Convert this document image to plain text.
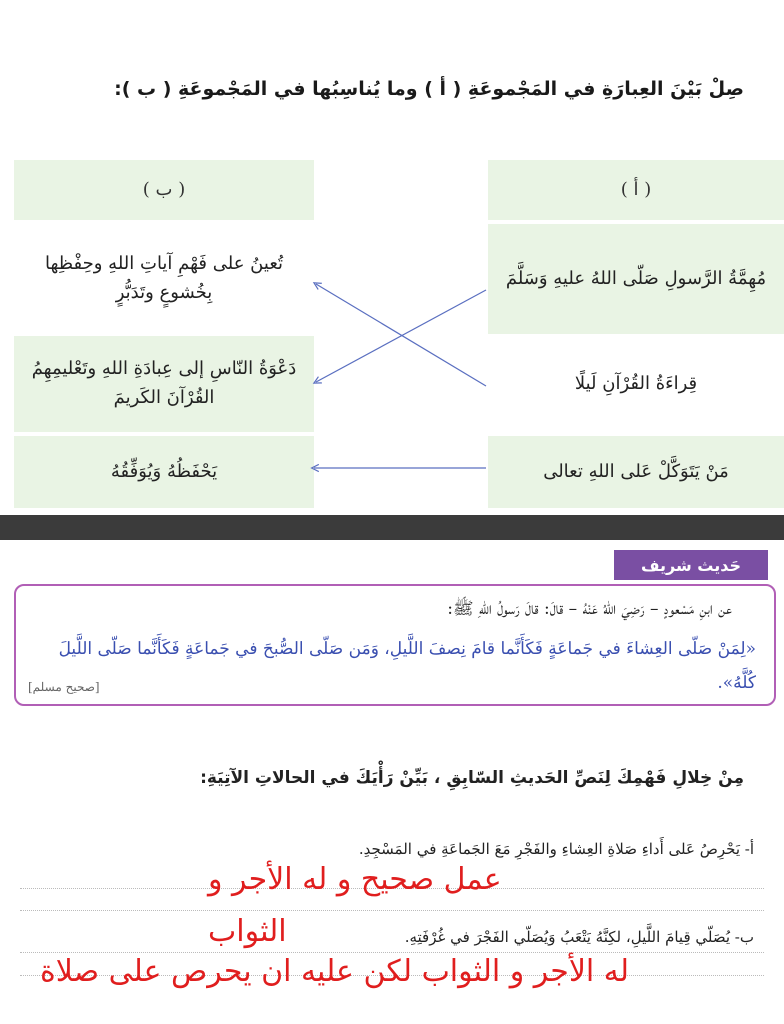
صِلْ بَيْنَ العِبارَةِ في المَجْموعَةِ ( أ ) وما يُناسِبُها في المَجْموعَةِ ( ب ):
( ب )
تُعينُ على فَهْمِ آياتِ اللهِ وحِفْظِها بِخُشوعٍ وتَدَبُّرٍ
دَعْوَةُ النّاسِ إلى عِبادَةِ اللهِ وتَعْليمِهِمُ القُرْآنَ الكَريمَ
يَحْفَظُهُ وَيُوَفِّقُهُ
( أ )
مُهِمَّةُ الرَّسولِ صَلّى اللهُ عليهِ وَسَلَّمَ
قِراءَةُ القُرْآنِ لَيلًا
مَنْ يَتَوَكَّلْ عَلى اللهِ تعالى
حَديث شريف
عن ابنِ مَسْعودٍ – رَضِيَ اللهُ عَنْهُ – قالَ: قالَ رَسولُ اللهِ ﷺ:
«لِمَنْ صَلّى العِشاءَ في جَماعَةٍ فَكَأَنَّما قامَ نِصفَ اللَّيلِ، وَمَن صَلّى الصُّبحَ في جَماعَةٍ فَكَأَنَّما صَلّى اللَّيلَ كُلَّهُ».
[صحيح مسلم]
مِنْ خِلالِ فَهْمِكَ لِنَصِّ الحَديثِ السّابِقِ ، بَيِّنْ رَأْيَكَ في الحالاتِ الآتِيَةِ:
أ- يَحْرِصُ عَلى أَداءِ صَلاةِ العِشاءِ والفَجْرِ مَعَ الجَماعَةِ في المَسْجِدِ.
ب- يُصَلّي قِيامَ اللَّيلِ، لكِنَّهُ يَتْعَبُ وَيُصَلّي الفَجْرَ في غُرْفَتِهِ.
عمل صحيح و له الأجر و
الثواب
له الأجر و الثواب لكن عليه ان يحرص على صلاة
